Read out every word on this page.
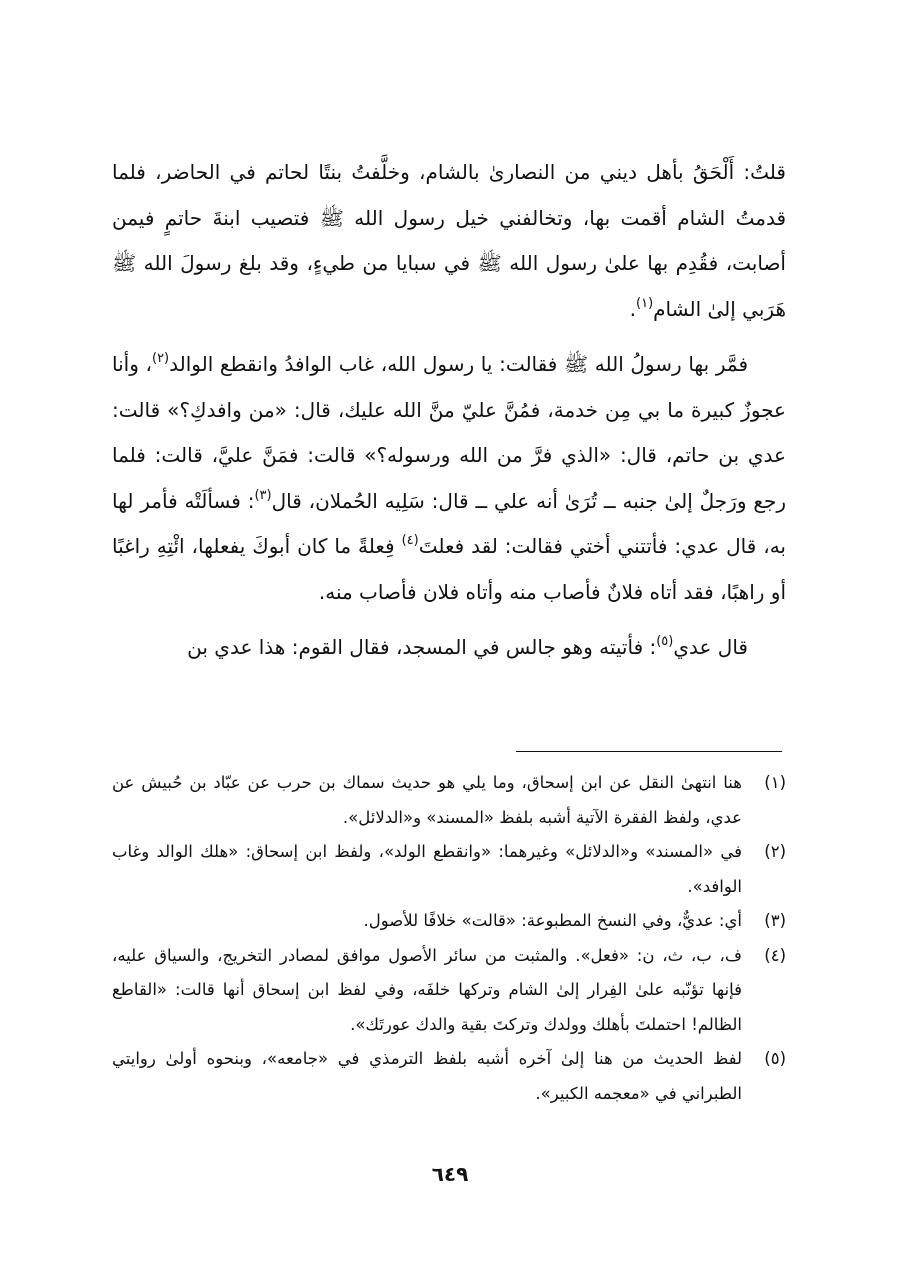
قلتُ: أَلْحَقُ بأهل ديني من النصارىٰ بالشام، وخلَّفتُ بنتًا لحاتم في الحاضر، فلما قدمتُ الشام أقمت بها، وتخالفني خيل رسول الله ﷺ فتصيب ابنةَ حاتمٍ فيمن أصابت، فقُدِم بها علىٰ رسول الله ﷺ في سبايا من طيءٍ، وقد بلغ رسولَ الله ﷺ هَرَبي إلىٰ الشام$^{(١)}$.

فمَّر بها رسولُ الله ﷺ فقالت: يا رسول الله، غاب الوافدُ وانقطع الوالد$^{(٢)}$، وأنا عجوزٌ كبيرة ما بي مِن خدمة، فمُنَّ عليّ منَّ الله عليك، قال: «من وافدكِ؟» قالت: عدي بن حاتم، قال: «الذي فرَّ من الله ورسوله؟» قالت: فمَنَّ عليَّ، قالت: فلما رجع ورَجلٌ إلىٰ جنبه ــ تُرَىٰ أنه علي ــ قال: سَلِيه الحُملان، قال$^{(٣)}$: فسألَتْه فأمر لها به، قال عدي: فأتتني أختي فقالت: لقد فعلتَ$^{(٤)}$ فِعلةً ما كان أبوكَ يفعلها، ائْتِهِ راغبًا أو راهبًا، فقد أتاه فلانٌ فأصاب منه وأتاه فلان فأصاب منه.

قال عدي$^{(٥)}$: فأتيته وهو جالس في المسجد، فقال القوم: هذا عدي بن

(١)
هنا انتهىٰ النقل عن ابن إسحاق، وما يلي هو حديث سماك بن حرب عن عبّاد بن حُبيش عن عدي، ولفظ الفقرة الآتية أشبه بلفظ «المسند» و«الدلائل».
(٢)
في «المسند» و«الدلائل» وغيرهما: «وانقطع الولد»، ولفظ ابن إسحاق: «هلك الوالد وغاب الوافد».
(٣)
أي: عديٌّ، وفي النسخ المطبوعة: «قالت» خلافًا للأصول.
(٤)
ف، ب، ث، ن: «فعل». والمثبت من سائر الأصول موافق لمصادر التخريج، والسياق عليه، فإنها تؤنّبه علىٰ الفِرار إلىٰ الشام وتركها خلفَه، وفي لفظ ابن إسحاق أنها قالت: «القاطع الظالم! احتملتَ بأهلك وولدك وتركتَ بقية والدك عورتَك».
(٥)
لفظ الحديث من هنا إلىٰ آخره أشبه بلفظ الترمذي في «جامعه»، وبنحوه أولىٰ روايتي الطبراني في «معجمه الكبير».
٦٤٩
